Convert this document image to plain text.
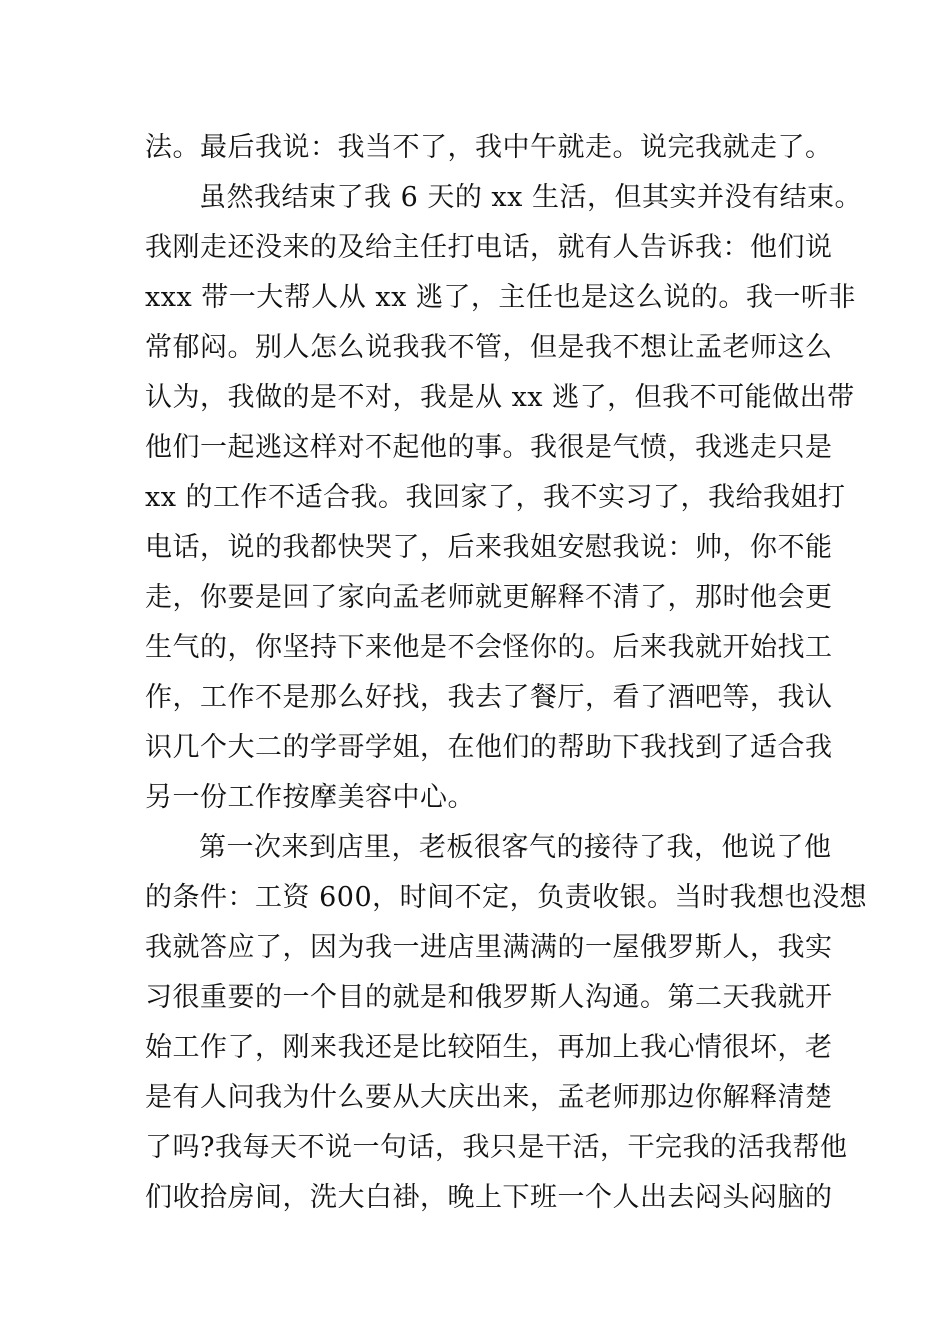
法。最后我说：我当不了，我中午就走。说完我就走了。
虽然我结束了我 6 天的 xx 生活，但其实并没有结束。
我刚走还没来的及给主任打电话，就有人告诉我：他们说
xxx 带一大帮人从 xx 逃了，主任也是这么说的。我一听非
常郁闷。别人怎么说我我不管，但是我不想让孟老师这么
认为，我做的是不对，我是从 xx 逃了，但我不可能做出带
他们一起逃这样对不起他的事。我很是气愤，我逃走只是
xx 的工作不适合我。我回家了，我不实习了，我给我姐打
电话，说的我都快哭了，后来我姐安慰我说：帅，你不能
走，你要是回了家向孟老师就更解释不清了，那时他会更
生气的，你坚持下来他是不会怪你的。后来我就开始找工
作，工作不是那么好找，我去了餐厅，看了酒吧等，我认
识几个大二的学哥学姐，在他们的帮助下我找到了适合我
另一份工作按摩美容中心。
第一次来到店里，老板很客气的接待了我，他说了他
的条件：工资 600，时间不定，负责收银。当时我想也没想
我就答应了，因为我一进店里满满的一屋俄罗斯人，我实
习很重要的一个目的就是和俄罗斯人沟通。第二天我就开
始工作了，刚来我还是比较陌生，再加上我心情很坏，老
是有人问我为什么要从大庆出来，孟老师那边你解释清楚
了吗?我每天不说一句话，我只是干活，干完我的活我帮他
们收拾房间，洗大白褂，晚上下班一个人出去闷头闷脑的
